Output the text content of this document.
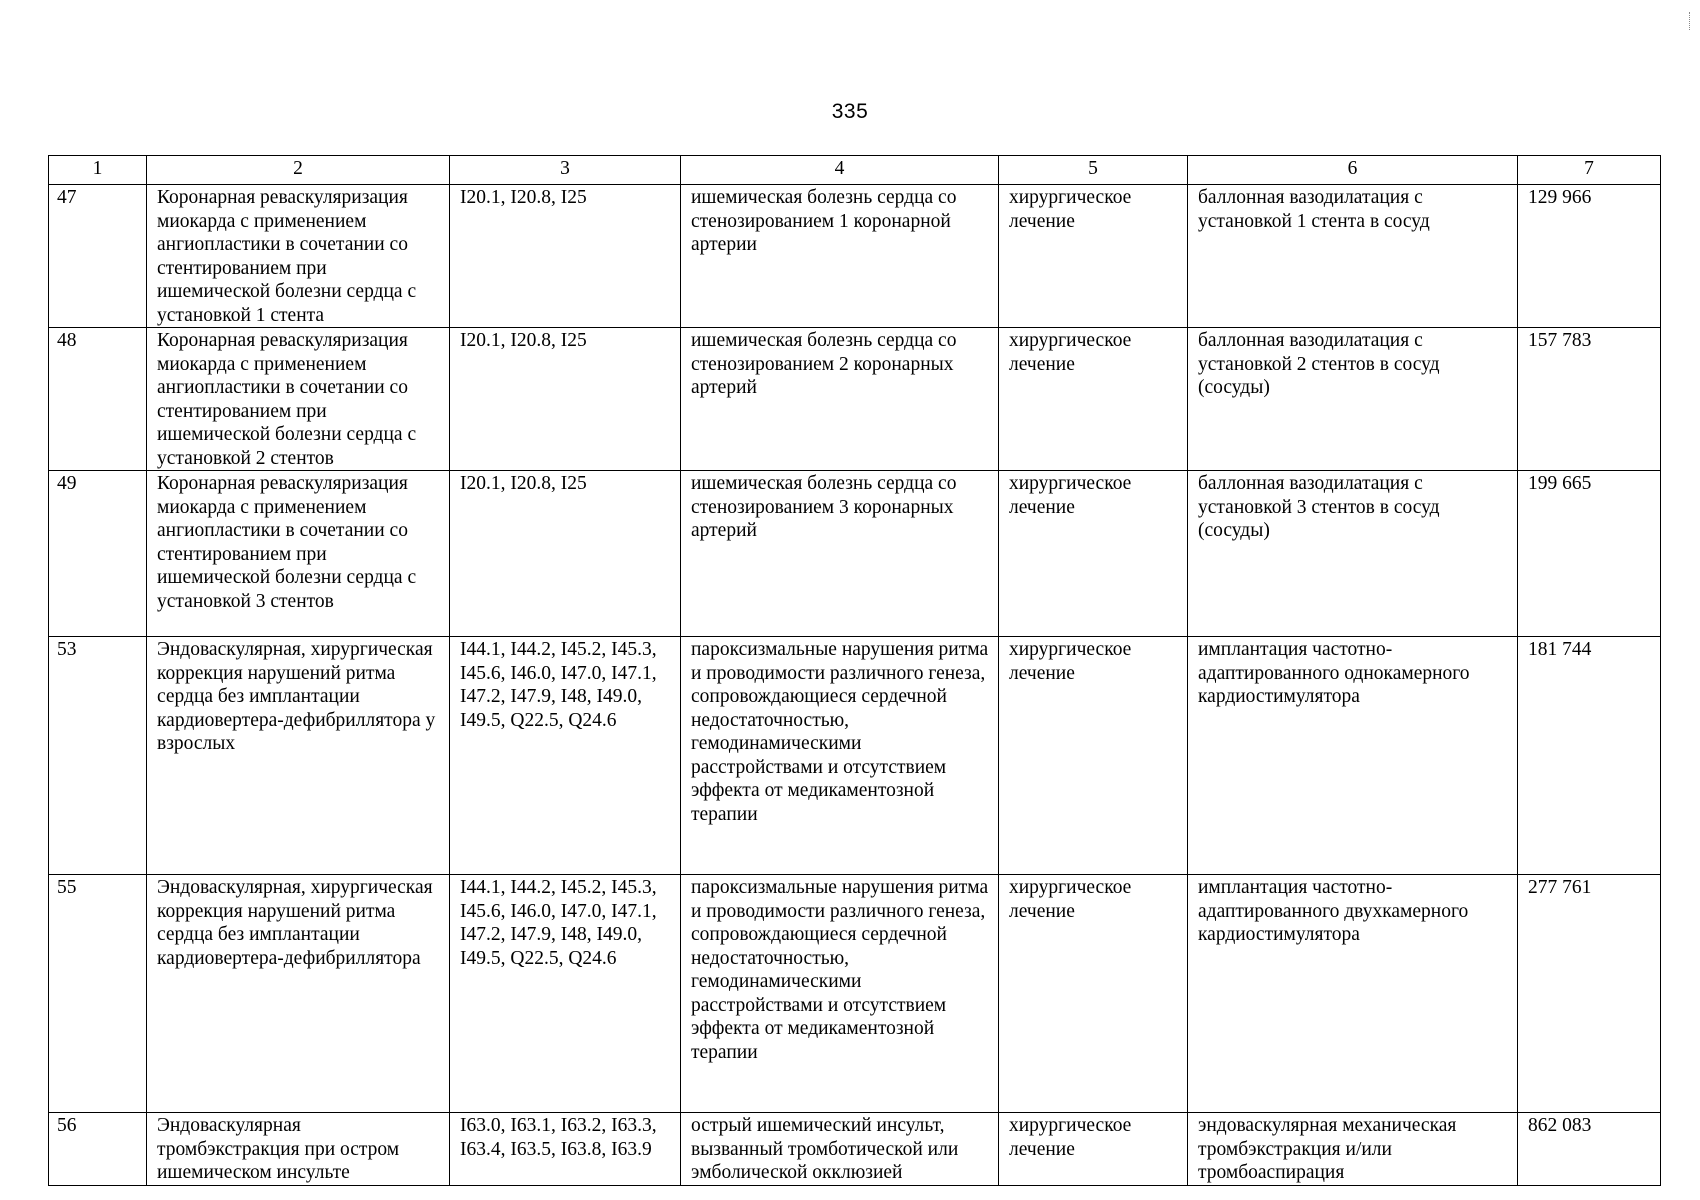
335
1	2	3	4	5	6	7
47	Коронарная реваскуляризация миокарда с применением ангиопластики в сочетании со стентированием при ишемической болезни сердца с установкой 1 стента	I20.1, I20.8, I25	ишемическая болезнь сердца со стенозированием 1 коронарной артерии	хирургическое лечение	баллонная вазодилатация с установкой 1 стента в сосуд	129 966
48	Коронарная реваскуляризация миокарда с применением ангиопластики в сочетании со стентированием при ишемической болезни сердца с установкой 2 стентов	I20.1, I20.8, I25	ишемическая болезнь сердца со стенозированием 2 коронарных артерий	хирургическое лечение	баллонная вазодилатация с установкой 2 стентов в сосуд (сосуды)	157 783
49	Коронарная реваскуляризация миокарда с применением ангиопластики в сочетании со стентированием при ишемической болезни сердца с установкой 3 стентов	I20.1, I20.8, I25	ишемическая болезнь сердца со стенозированием 3 коронарных артерий	хирургическое лечение	баллонная вазодилатация с установкой 3 стентов в сосуд (сосуды)	199 665
53	Эндоваскулярная, хирургическая коррекция нарушений ритма сердца без имплантации кардиовертера-дефибриллятора у взрослых	I44.1, I44.2, I45.2, I45.3, I45.6, I46.0, I47.0, I47.1, I47.2, I47.9, I48, I49.0, I49.5, Q22.5, Q24.6	пароксизмальные нарушения ритма и проводимости различного генеза, сопровождающиеся сердечной недостаточностью, гемодинамическими расстройствами и отсутствием эффекта от медикаментозной терапии	хирургическое лечение	имплантация частотно-адаптированного однокамерного кардиостимулятора	181 744
55	Эндоваскулярная, хирургическая коррекция нарушений ритма сердца без имплантации кардиовертера-дефибриллятора	I44.1, I44.2, I45.2, I45.3, I45.6, I46.0, I47.0, I47.1, I47.2, I47.9, I48, I49.0, I49.5, Q22.5, Q24.6	пароксизмальные нарушения ритма и проводимости различного генеза, сопровождающиеся сердечной недостаточностью, гемодинамическими расстройствами и отсутствием эффекта от медикаментозной терапии	хирургическое лечение	имплантация частотно-адаптированного двухкамерного кардиостимулятора	277 761
56	Эндоваскулярная тромбэкстракция при остром ишемическом инсульте	I63.0, I63.1, I63.2, I63.3, I63.4, I63.5, I63.8, I63.9	острый ишемический инсульт, вызванный тромботической или эмболической окклюзией	хирургическое лечение	эндоваскулярная механическая тромбэкстракция и/или тромбоаспирация	862 083
